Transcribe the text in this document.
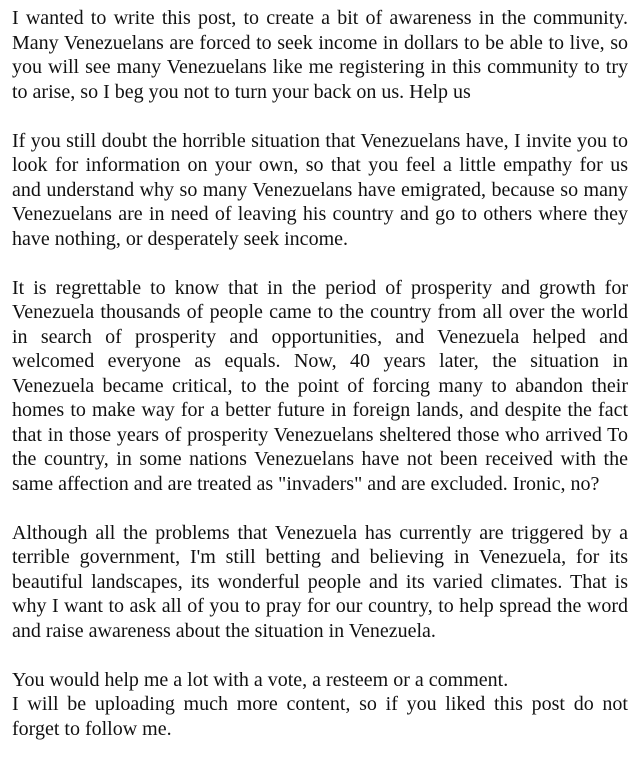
I wanted to write this post, to create a bit of awareness in the community. Many Venezuelans are forced to seek income in dollars to be able to live, so you will see many Venezuelans like me registering in this community to try to arise, so I beg you not to turn your back on us. Help us

If you still doubt the horrible situation that Venezuelans have, I invite you to look for information on your own, so that you feel a little empathy for us and understand why so many Venezuelans have emigrated, because so many Venezuelans are in need of leaving his country and go to others where they have nothing, or desperately seek income.

It is regrettable to know that in the period of prosperity and growth for Venezuela thousands of people came to the country from all over the world in search of prosperity and opportunities, and Venezuela helped and welcomed everyone as equals. Now, 40 years later, the situation in Venezuela became critical, to the point of forcing many to abandon their homes to make way for a better future in foreign lands, and despite the fact that in those years of prosperity Venezuelans sheltered those who arrived To the country, in some nations Venezuelans have not been received with the same affection and are treated as "invaders" and are excluded. Ironic, no?

Although all the problems that Venezuela has currently are triggered by a terrible government, I'm still betting and believing in Venezuela, for its beautiful landscapes, its wonderful people and its varied climates. That is why I want to ask all of you to pray for our country, to help spread the word and raise awareness about the situation in Venezuela.

You would help me a lot with a vote, a resteem or a comment.
I will be uploading much more content, so if you liked this post do not forget to follow me.
